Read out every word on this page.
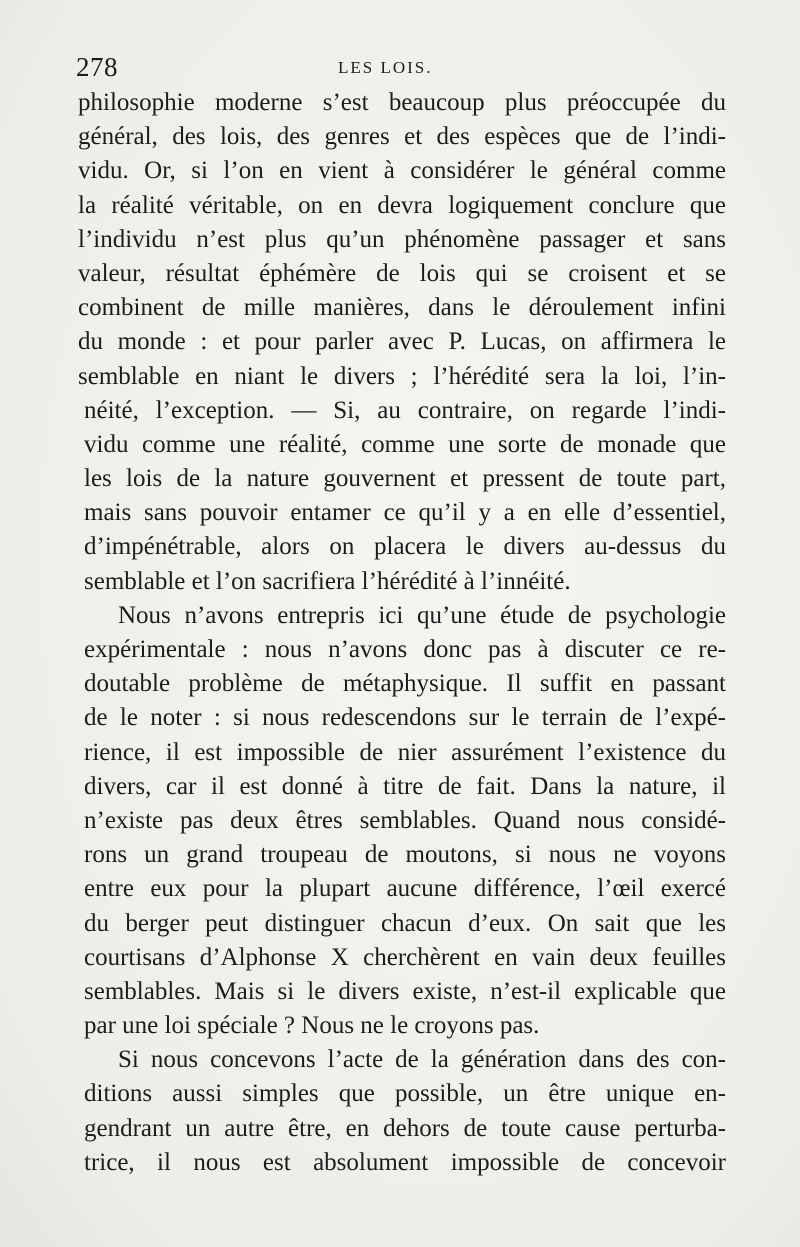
278	LES LOIS.
philosophie moderne s’est beaucoup plus préoccupée du
général, des lois, des genres et des espèces que de l’indi-
vidu. Or, si l’on en vient à considérer le général comme
la réalité véritable, on en devra logiquement conclure que
l’individu n’est plus qu’un phénomène passager et sans
valeur, résultat éphémère de lois qui se croisent et se
combinent de mille manières, dans le déroulement infini
du monde : et pour parler avec P. Lucas, on affirmera le
semblable en niant le divers ; l’hérédité sera la loi, l’in-
néité, l’exception. — Si, au contraire, on regarde l’indi-
vidu comme une réalité, comme une sorte de monade que
les lois de la nature gouvernent et pressent de toute part,
mais sans pouvoir entamer ce qu’il y a en elle d’essentiel,
d’impénétrable, alors on placera le divers au-dessus du
semblable et l’on sacrifiera l’hérédité à l’innéité.
Nous n’avons entrepris ici qu’une étude de psychologie
expérimentale : nous n’avons donc pas à discuter ce re-
doutable problème de métaphysique. Il suffit en passant
de le noter : si nous redescendons sur le terrain de l’expé-
rience, il est impossible de nier assurément l’existence du
divers, car il est donné à titre de fait. Dans la nature, il
n’existe pas deux êtres semblables. Quand nous considé-
rons un grand troupeau de moutons, si nous ne voyons
entre eux pour la plupart aucune différence, l’œil exercé
du berger peut distinguer chacun d’eux. On sait que les
courtisans d’Alphonse X cherchèrent en vain deux feuilles
semblables. Mais si le divers existe, n’est-il explicable que
par une loi spéciale ? Nous ne le croyons pas.
Si nous concevons l’acte de la génération dans des con-
ditions aussi simples que possible, un être unique en-
gendrant un autre être, en dehors de toute cause perturba-
trice, il nous est absolument impossible de concevoir
